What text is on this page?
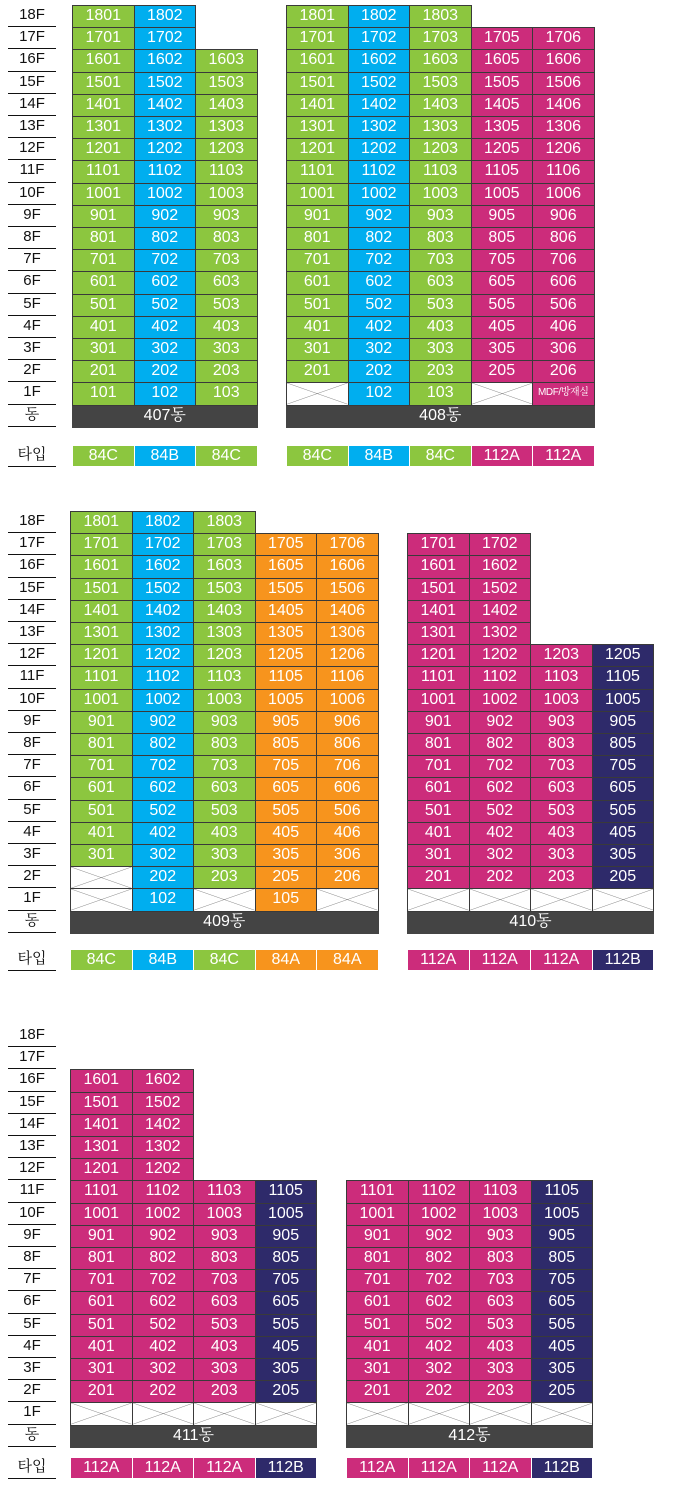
18F
17F
16F
15F
14F
13F
12F
11F
10F
9F
8F
7F
6F
5F
4F
3F
2F
1F
동
타입
1801
1701
1601
1501
1401
1301
1201
1101
1001
901
801
701
601
501
401
301
201
101
84C
1802
1702
1602
1502
1402
1302
1202
1102
1002
902
802
702
602
502
402
302
202
102
84B
1603
1503
1403
1303
1203
1103
1003
903
803
703
603
503
403
303
203
103
84C
407동
1801
1701
1601
1501
1401
1301
1201
1101
1001
901
801
701
601
501
401
301
201
84C
1802
1702
1602
1502
1402
1302
1202
1102
1002
902
802
702
602
502
402
302
202
102
84B
1803
1703
1603
1503
1403
1303
1203
1103
1003
903
803
703
603
503
403
303
203
103
84C
1705
1605
1505
1405
1305
1205
1105
1005
905
805
705
605
505
405
305
205
112A
1706
1606
1506
1406
1306
1206
1106
1006
906
806
706
606
506
406
306
206
MDF/방재실
112A
408동
18F
17F
16F
15F
14F
13F
12F
11F
10F
9F
8F
7F
6F
5F
4F
3F
2F
1F
동
타입
1801
1701
1601
1501
1401
1301
1201
1101
1001
901
801
701
601
501
401
301
84C
1802
1702
1602
1502
1402
1302
1202
1102
1002
902
802
702
602
502
402
302
202
102
84B
1803
1703
1603
1503
1403
1303
1203
1103
1003
903
803
703
603
503
403
303
203
84C
1705
1605
1505
1405
1305
1205
1105
1005
905
805
705
605
505
405
305
205
105
84A
1706
1606
1506
1406
1306
1206
1106
1006
906
806
706
606
506
406
306
206
84A
409동
1701
1601
1501
1401
1301
1201
1101
1001
901
801
701
601
501
401
301
201
112A
1702
1602
1502
1402
1302
1202
1102
1002
902
802
702
602
502
402
302
202
112A
1203
1103
1003
903
803
703
603
503
403
303
203
112A
1205
1105
1005
905
805
705
605
505
405
305
205
112B
410동
18F
17F
16F
15F
14F
13F
12F
11F
10F
9F
8F
7F
6F
5F
4F
3F
2F
1F
동
타입
1601
1501
1401
1301
1201
1101
1001
901
801
701
601
501
401
301
201
112A
1602
1502
1402
1302
1202
1102
1002
902
802
702
602
502
402
302
202
112A
1103
1003
903
803
703
603
503
403
303
203
112A
1105
1005
905
805
705
605
505
405
305
205
112B
411동
1101
1001
901
801
701
601
501
401
301
201
112A
1102
1002
902
802
702
602
502
402
302
202
112A
1103
1003
903
803
703
603
503
403
303
203
112A
1105
1005
905
805
705
605
505
405
305
205
112B
412동
